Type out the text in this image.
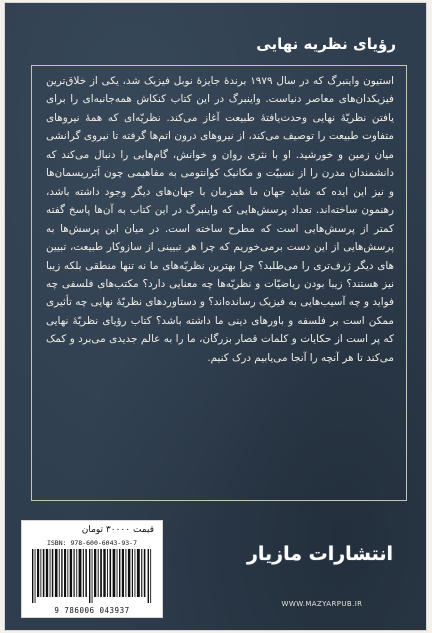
رؤیای نظریه نهایی

استیون واینبرگ که در سال ۱۹۷۹ برندهٔ جایزهٔ نوبل فیزیک شد، یکی از خلاق‌ترین فیزیکدان‌های معاصر دنیاست. واینبرگ در این کتاب کنکاش همه‌جانبه‌ای را برای یافتن نظریّهٔ نهایی وحدت‌یافتهٔ طبیعت آغاز می‌کند. نظریّه‌ای که همهٔ نیروهای متفاوت طبیعت را توصیف می‌کند، از نیروهای درون اتم‌ها گرفته تا نیروی گرانشی میان زمین و خورشید. او با نثری روان و خوانش، گام‌هایی را دنبال می‌کند که دانشمندان مدرن را از نسبیّت و مکانیک کوانتومی به مفاهیمی چون اَبَرریسمان‌ها و نیز این ایده که شاید جهان ما همزمان با جهان‌های دیگر وجود داشته باشد، رهنمون ساخته‌اند. تعداد پرسش‌هایی که واینبرگ در این کتاب به آن‌ها پاسخ گفته کمتر از پرسش‌هایی است که مطرح ساخته است. در میان این پرسش‌ها به پرسش‌هایی از این دست برمی‌خوریم که چرا هر تبیینی از سازوکار طبیعت، تبیین های دیگر ژرف‌تری را می‌طلبد؟ چرا بهترین نظریّه‌های ما نه تنها منطقی بلکه زیبا نیز هستند؟ زیبا بودن ریاضیّات و نظریّه‌ها چه معنایی دارد؟ مکتب‌های فلسفی چه فواید و چه آسیب‌هایی به فیزیک رسانده‌اند؟ و دستاوردهای نظریّهٔ نهایی چه تأثیری ممکن است بر فلسفه و باورهای دینی ما داشته باشد؟ کتاب رؤیای نظریّهٔ نهایی که پر است از حکایات و کلمات قصار بزرگان، ما را به عالم جدیدی می‌برد و کمک می‌کند تا هر آنچه را آنجا می‌یابیم درک کنیم.

قیمت ۳۰۰۰۰ تومان
ISBN: 978-600-6043-93-7
9 786006 043937
انتشارات مازیار
WWW.MAZYARPUB.IR
